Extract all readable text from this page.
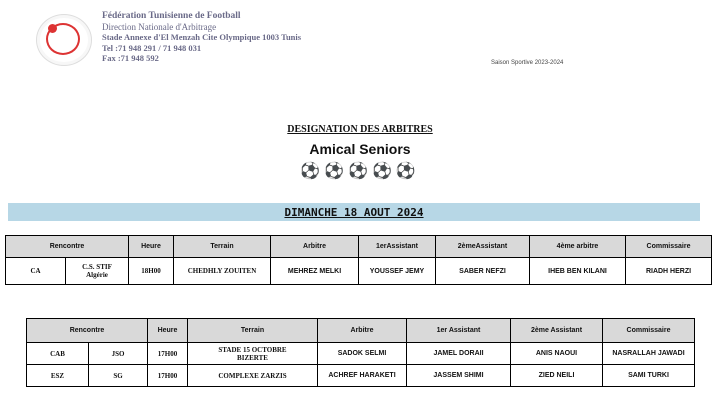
Fédération Tunisienne de Football
Direction Nationale d'Arbitrage
Stade Annexe d'El Menzah Cite Olympique 1003 Tunis
Tel :71 948 291 / 71 948 031
Fax :71 948 592	Saison Sportive 2023-2024
DESIGNATION DES ARBITRES
Amical Seniors
⚽⚽⚽⚽⚽
DIMANCHE 18 AOUT 2024
Rencontre		Heure	Terrain	Arbitre	1erAssistant	2èmeAssistant	4ème arbitre	Commissaire
CA	C.S. STIF
Algérie	18H00	CHEDHLY ZOUITEN	MEHREZ MELKI	YOUSSEF JEMY	SABER NEFZI	IHEB BEN KILANI	RIADH HERZI
Rencontre		Heure	Terrain	Arbitre	1er Assistant	2ème Assistant	Commissaire
CAB	JSO	17H00	STADE 15 OCTOBRE
BIZERTE	SADOK SELMI	JAMEL DORAII	ANIS NAOUI	NASRALLAH JAWADI
ESZ	SG	17H00	COMPLEXE ZARZIS	ACHREF HARAKETI	JASSEM SHIMI	ZIED NEILI	SAMI TURKI
